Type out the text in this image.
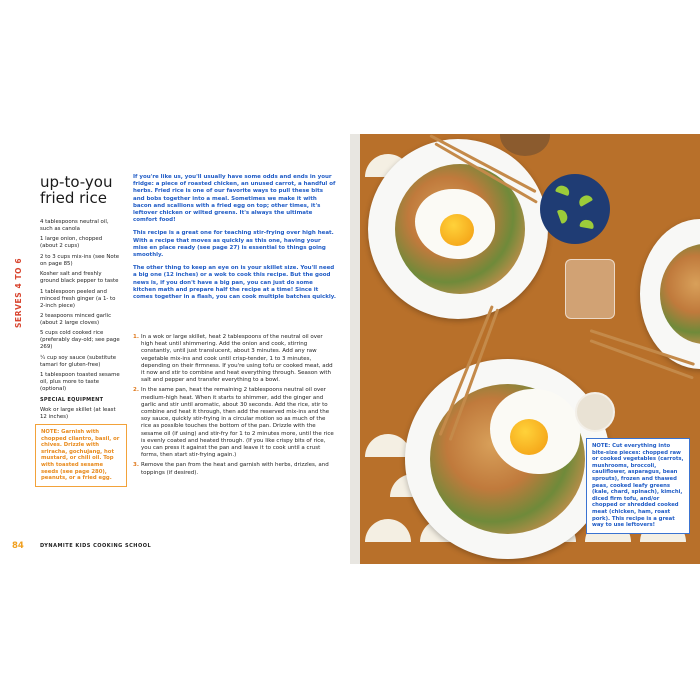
SERVES 4 TO 6
up-to-you fried rice
4 tablespoons neutral oil, such as canola
1 large onion, chopped (about 2 cups)
2 to 3 cups mix-ins (see Note on page 85)
Kosher salt and freshly ground black pepper to taste
1 tablespoon peeled and minced fresh ginger (a 1- to 2-inch piece)
2 teaspoons minced garlic (about 2 large cloves)
5 cups cold cooked rice (preferably day-old; see page 269)
¼ cup soy sauce (substitute tamari for gluten-free)
1 tablespoon toasted sesame oil, plus more to taste (optional)
SPECIAL EQUIPMENT
Wok or large skillet (at least 12 inches)
NOTE: Garnish with chopped cilantro, basil, or chives. Drizzle with sriracha, gochujang, hot mustard, or chili oil. Top with toasted sesame seeds (see page 280), peanuts, or a fried egg.

If you're like us, you'll usually have some odds and ends in your fridge: a piece of roasted chicken, an unused carrot, a handful of herbs. Fried rice is one of our favorite ways to pull these bits and bobs together into a meal. Sometimes we make it with bacon and scallions with a fried egg on top; other times, it's leftover chicken or wilted greens. It's always the ultimate comfort food!

This recipe is a great one for teaching stir-frying over high heat. With a recipe that moves as quickly as this one, having your mise en place ready (see page 27) is essential to things going smoothly.

The other thing to keep an eye on is your skillet size. You'll need a big one (12 inches) or a wok to cook this recipe. But the good news is, if you don't have a big pan, you can just do some kitchen math and prepare half the recipe at a time! Since it comes together in a flash, you can cook multiple batches quickly.

1. In a wok or large skillet, heat 2 tablespoons of the neutral oil over high heat until shimmering. Add the onion and cook, stirring constantly, until just translucent, about 3 minutes. Add any raw vegetable mix-ins and cook until crisp-tender, 1 to 3 minutes, depending on their firmness. If you're using tofu or cooked meat, add it now and stir to combine and heat everything through. Season with salt and pepper and transfer everything to a bowl.
2. In the same pan, heat the remaining 2 tablespoons neutral oil over medium-high heat. When it starts to shimmer, add the ginger and garlic and stir until aromatic, about 30 seconds. Add the rice, stir to combine and heat it through, then add the reserved mix-ins and the soy sauce, quickly stir-frying in a circular motion so as much of the rice as possible touches the bottom of the pan. Drizzle with the sesame oil (if using) and stir-fry for 1 to 2 minutes more, until the rice is evenly coated and heated through. (If you like crispy bits of rice, you can press it against the pan and leave it to cook until a crust forms, then start stir-frying again.)
3. Remove the pan from the heat and garnish with herbs, drizzles, and toppings (if desired).
84	DYNAMITE KIDS COOKING SCHOOL
NOTE: Cut everything into bite-size pieces: chopped raw or cooked vegetables (carrots, mushrooms, broccoli, cauliflower, asparagus, bean sprouts), frozen and thawed peas, cooked leafy greens (kale, chard, spinach), kimchi, diced firm tofu, and/or chopped or shredded cooked meat (chicken, ham, roast pork). This recipe is a great way to use leftovers!
